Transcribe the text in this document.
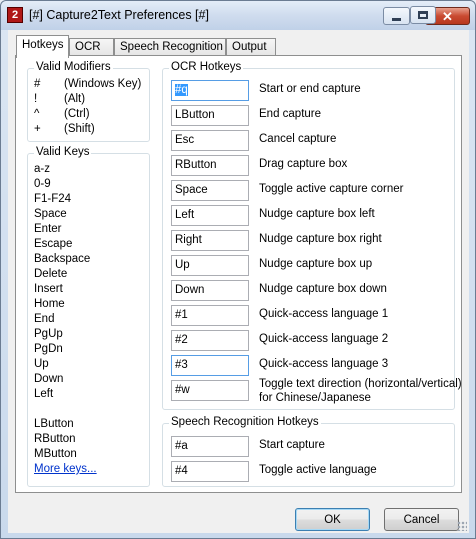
2 [#] Capture2Text Preferences [#]	✕
Hotkeys OCR	Speech Recognition Output
Valid Modifiers
# (Windows Key)
! (Alt)
^ (Ctrl)
+ (Shift)
Valid Keys
a-z
0-9
F1-F24
Space
Enter
Escape
Backspace
Delete
Insert
Home
End
PgUp
PgDn
Up
Down
Left
LButton
RButton
MButton
More keys...
OCR Hotkeys
#q	Start or end capture
LButton	End capture
Esc	Cancel capture
RButton	Drag capture box
Space	Toggle active capture corner
Left	Nudge capture box left
Right	Nudge capture box right
Up	Nudge capture box up
Down	Nudge capture box down
#1	Quick-access language 1
#2	Quick-access language 2
#3	Quick-access language 3
#w	Toggle text direction (horizontal/vertical)
for Chinese/Japanese
Speech Recognition Hotkeys
#a	Start capture
#4	Toggle active language
OK	Cancel
